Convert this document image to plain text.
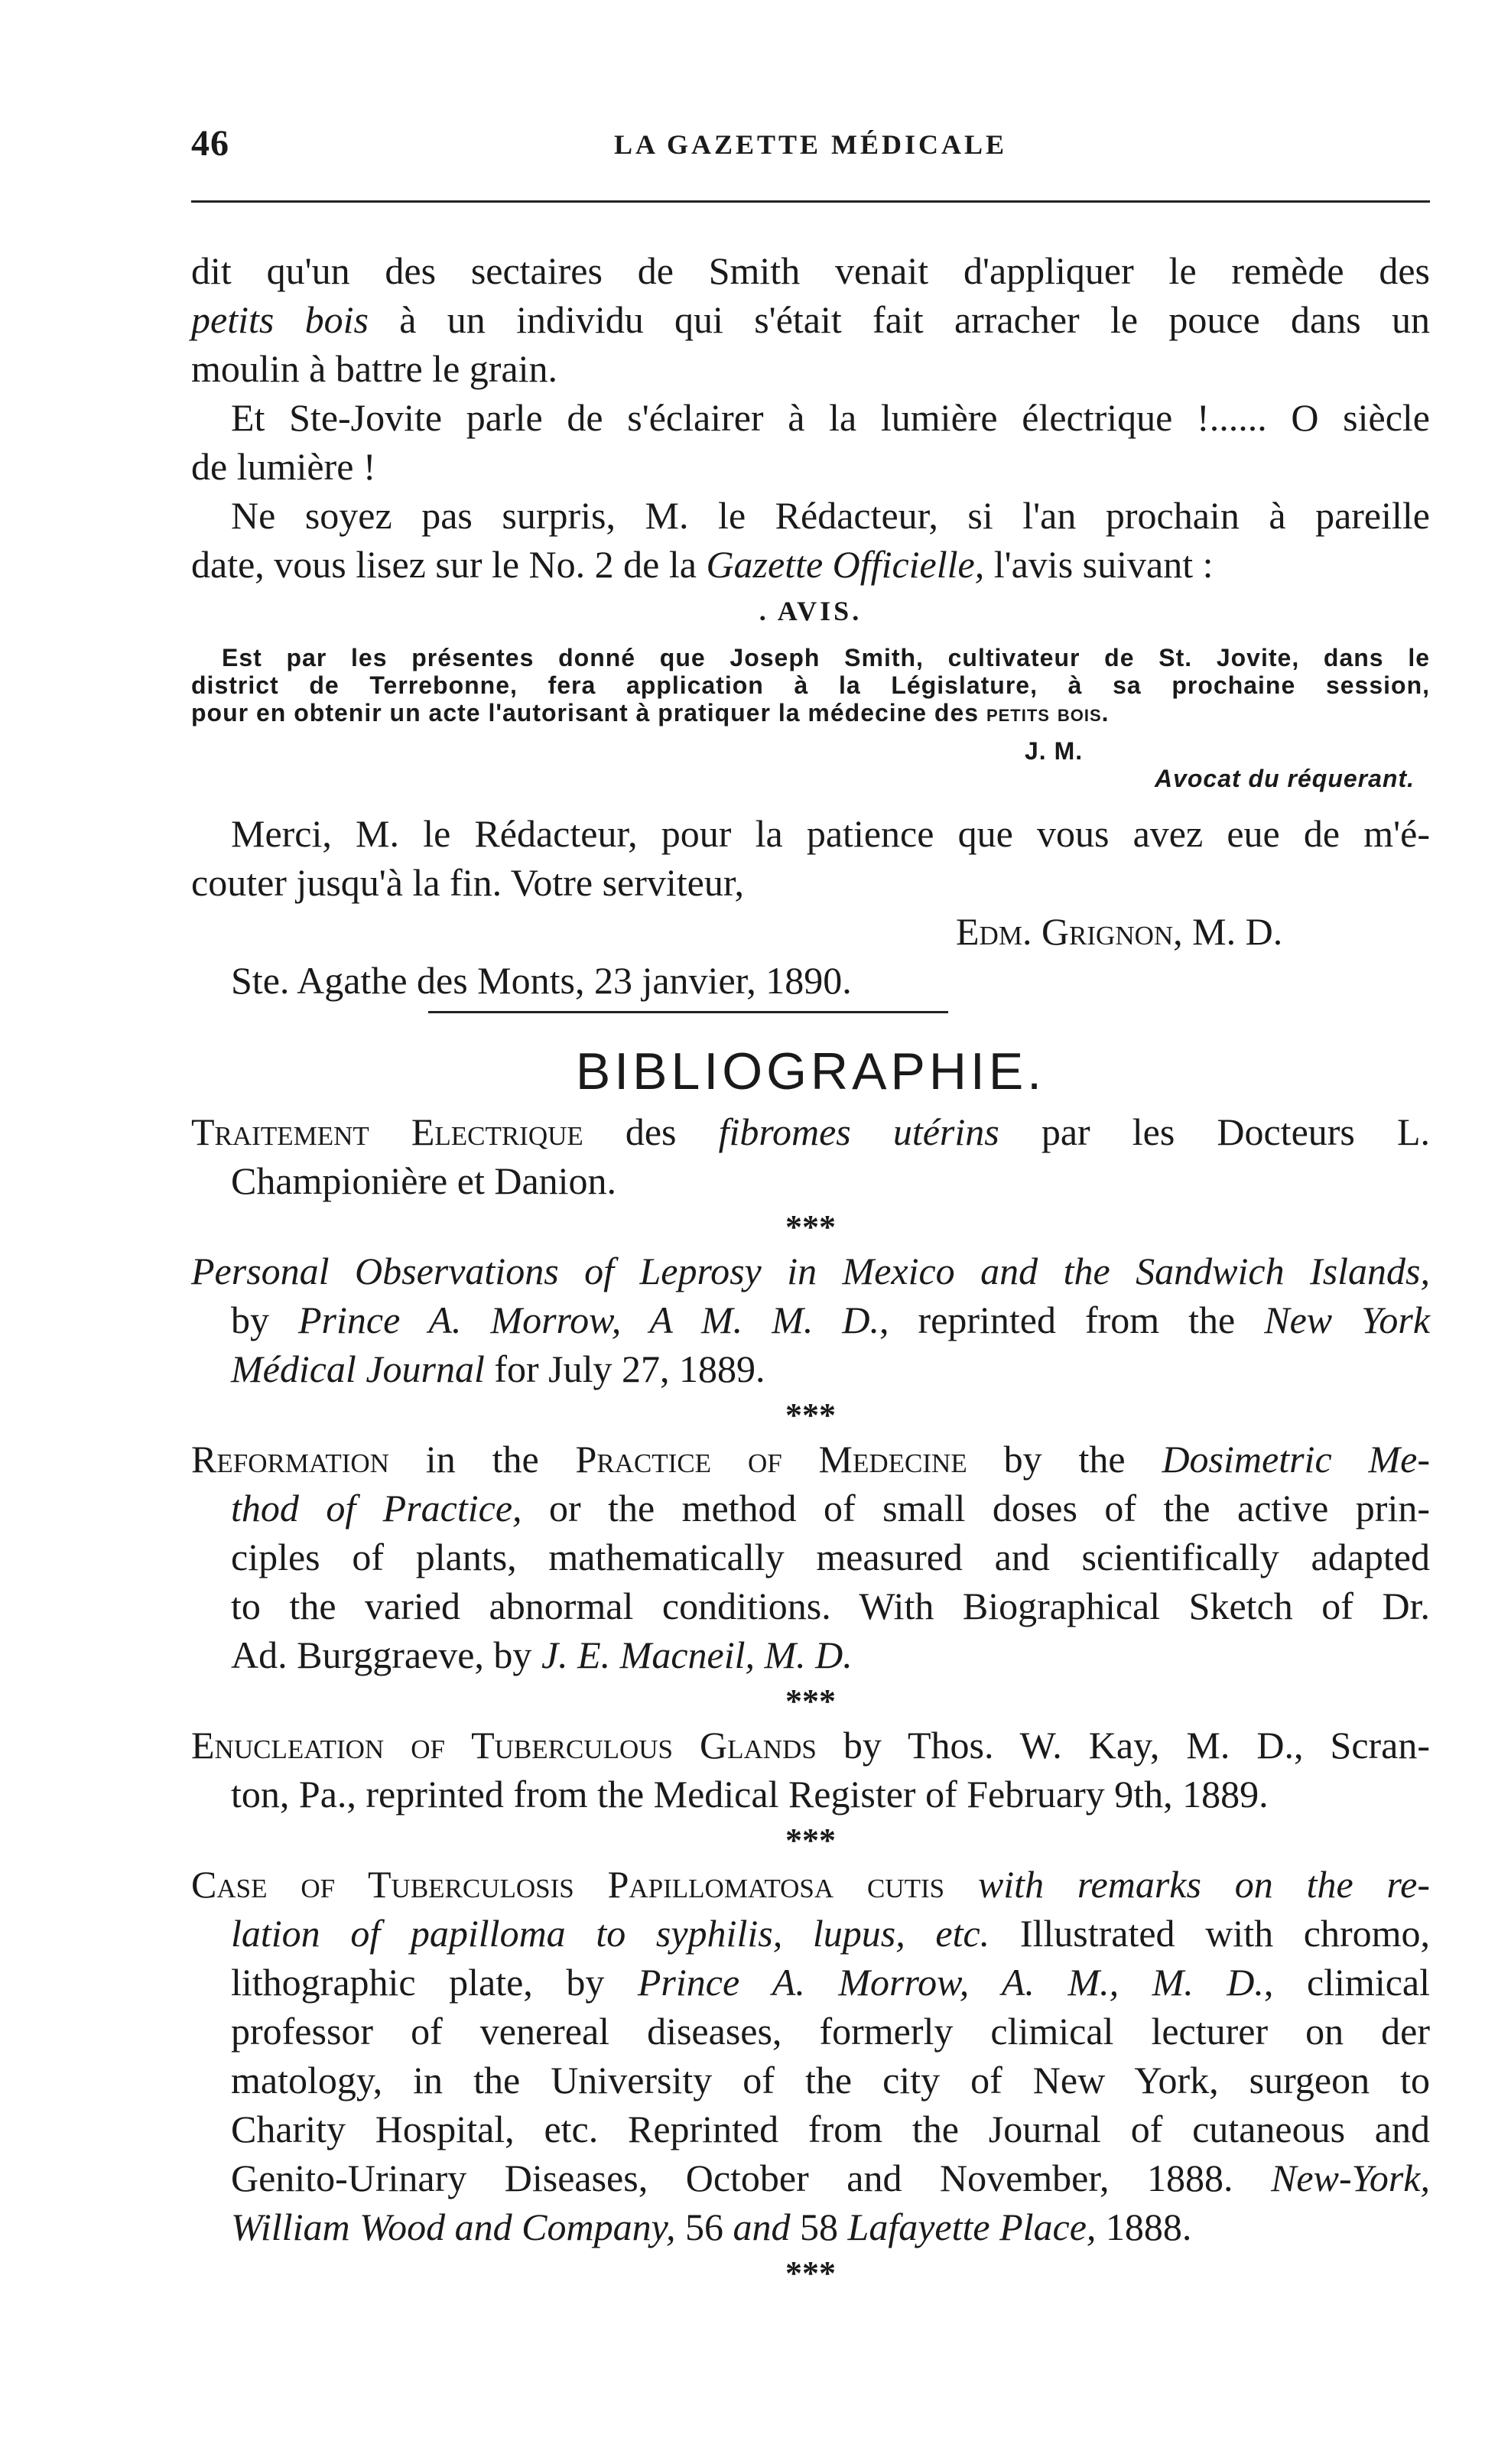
46	LA GAZETTE MÉDICALE
dit qu'un des sectaires de Smith venait d'appliquer le remède des
petits bois à un individu qui s'était fait arracher le pouce dans un
moulin à battre le grain.
Et Ste-Jovite parle de s'éclairer à la lumière électrique !...... O siècle
de lumière !
Ne soyez pas surpris, M. le Rédacteur, si l'an prochain à pareille
date, vous lisez sur le No. 2 de la Gazette Officielle, l'avis suivant :
. AVIS.
Est par les présentes donné que Joseph Smith, cultivateur de St. Jovite, dans le
district de Terrebonne, fera application à la Législature, à sa prochaine session,
pour en obtenir un acte l'autorisant à pratiquer la médecine des petits bois.
J. M.
Avocat du réquerant.
Merci, M. le Rédacteur, pour la patience que vous avez eue de m'é-
couter jusqu'à la fin. Votre serviteur,
Edm. Grignon, M. D.
Ste. Agathe des Monts, 23 janvier, 1890.
BIBLIOGRAPHIE.
Traitement Electrique des fibromes utérins par les Docteurs L.
Championière et Danion.
***
Personal Observations of Leprosy in Mexico and the Sandwich Islands,
by Prince A. Morrow, A M. M. D., reprinted from the New York
Médical Journal for July 27, 1889.
***
Reformation in the Practice of Medecine by the Dosimetric Me-
thod of Practice, or the method of small doses of the active prin-
ciples of plants, mathematically measured and scientifically adapted
to the varied abnormal conditions. With Biographical Sketch of Dr.
Ad. Burggraeve, by J. E. Macneil, M. D.
***
Enucleation of Tuberculous Glands by Thos. W. Kay, M. D., Scran-
ton, Pa., reprinted from the Medical Register of February 9th, 1889.
***
Case of Tuberculosis Papillomatosa cutis with remarks on the re-
lation of papilloma to syphilis, lupus, etc. Illustrated with chromo,
lithographic plate, by Prince A. Morrow, A. M., M. D., climical
professor of venereal diseases, formerly climical lecturer on der
matology, in the University of the city of New York, surgeon to
Charity Hospital, etc. Reprinted from the Journal of cutaneous and
Genito-Urinary Diseases, October and November, 1888. New-York,
William Wood and Company, 56 and 58 Lafayette Place, 1888.
***
